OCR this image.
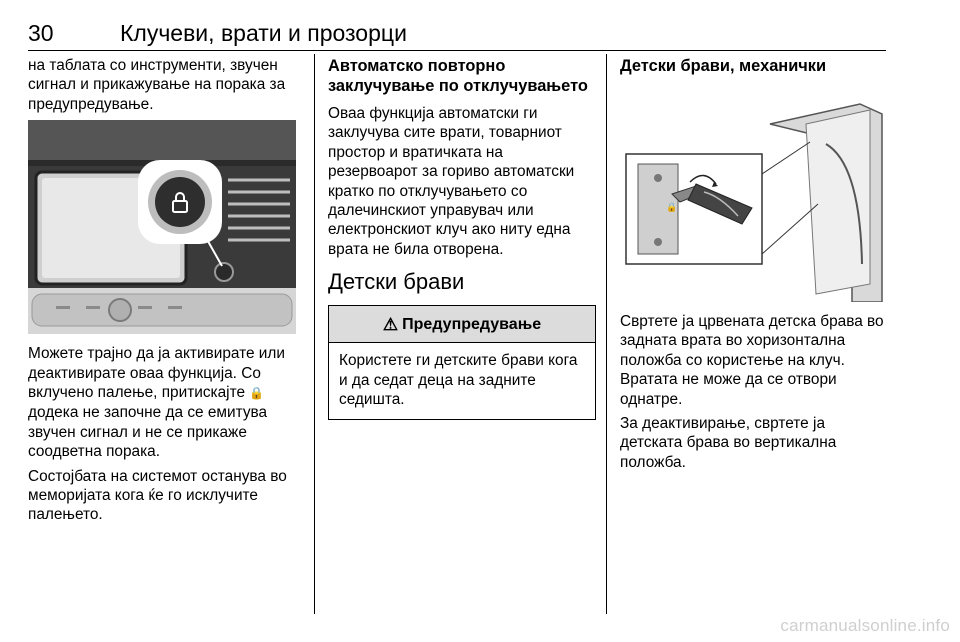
30	Клучеви, врати и прозорци

на таблата со инструменти, звучен сигнал и прикажување на порака за предупредување.

Можете трајно да ја активирате или деактивирате оваа функција. Со вклучено палење, притискајте 🔒 додека не започне да се емитува звучен сигнал и не се прикаже соодветна порака.

Состојбата на системот останува во меморијата кога ќе го исклучите палењето.

Автоматско повторно заклучување по отклучувањето

Оваа функција автоматски ги заклучува сите врати, товарниот простор и вратичката на резервоарот за гориво автоматски кратко по отклучувањето со далечинскиот управувач или електронскиот клуч ако ниту една врата не била отворена.

Детски брави
⚠ Предупредување
Користете ги детските брави кога и да седат деца на задните седишта.
Детски брави, механички
🔒

Свртете ја црвената детска брава во задната врата во хоризонтална положба со користење на клуч. Вратата не може да се отвори однатре.

За деактивирање, свртете ја детската брава во вертикална положба.

carmanualsonline.info
